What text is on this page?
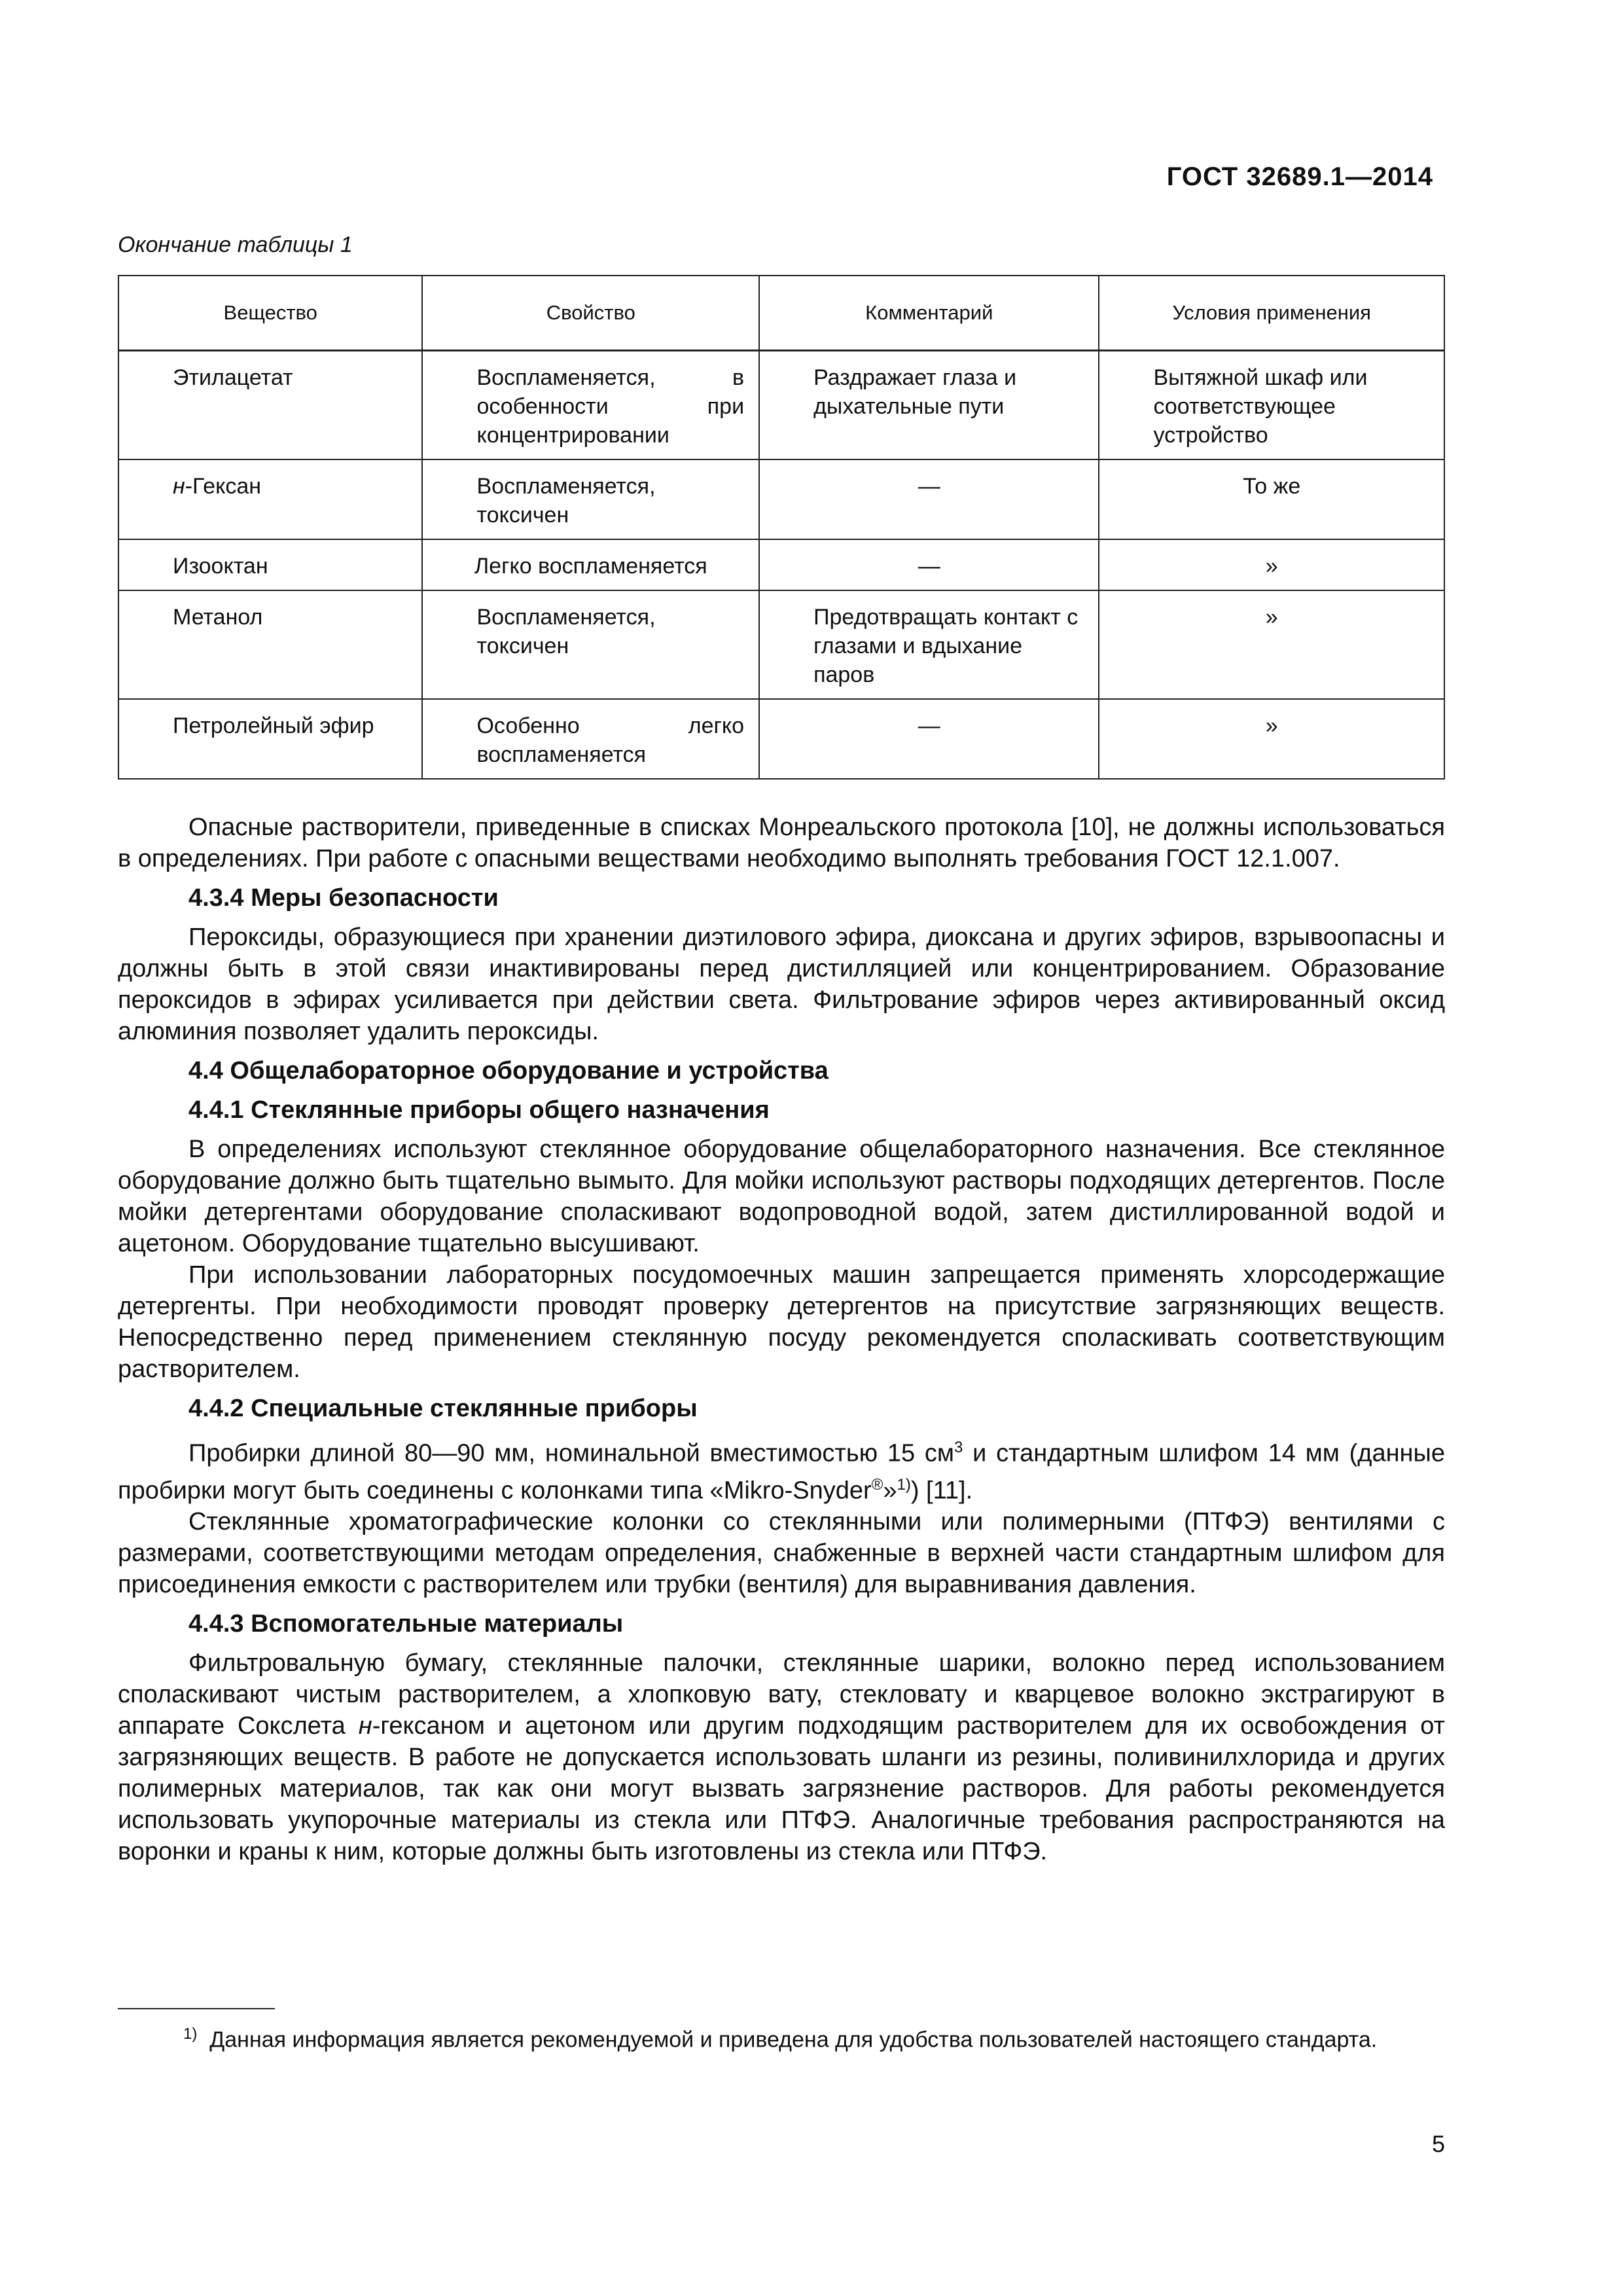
ГОСТ 32689.1—2014
Окончание таблицы 1
Вещество	Свойство	Комментарий	Условия применения
Этилацетат	Воспламеняется, в особенности при концентрировании	Раздражает глаза и дыхательные пути	Вытяжной шкаф или соответствующее устройство

н-Гексан	Воспламеняется, токсичен	—	То же
Изооктан	Легко воспламеняется	—	»
Метанол	Воспламеняется, токсичен	Предотвращать контакт с глазами и вдыхание паров	»
Петролейный эфир	Особенно легко воспламеняется	—	»

Опасные растворители, приведенные в списках Монреальского протокола [10], не должны использоваться в определениях. При работе с опасными веществами необходимо выполнять требования ГОСТ 12.1.007.

4.3.4 Меры безопасности

Пероксиды, образующиеся при хранении диэтилового эфира, диоксана и других эфиров, взрывоопасны и должны быть в этой связи инактивированы перед дистилляцией или концентрированием. Образование пероксидов в эфирах усиливается при действии света. Фильтрование эфиров через активированный оксид алюминия позволяет удалить пероксиды.

4.4 Общелабораторное оборудование и устройства
4.4.1 Стеклянные приборы общего назначения

В определениях используют стеклянное оборудование общелабораторного назначения. Все стеклянное оборудование должно быть тщательно вымыто. Для мойки используют растворы подходящих детергентов. После мойки детергентами оборудование споласкивают водопроводной водой, затем дистиллированной водой и ацетоном. Оборудование тщательно высушивают.

При использовании лабораторных посудомоечных машин запрещается применять хлорсодержащие детергенты. При необходимости проводят проверку детергентов на присутствие загрязняющих веществ. Непосредственно перед применением стеклянную посуду рекомендуется споласкивать соответствующим растворителем.

4.4.2 Специальные стеклянные приборы

Пробирки длиной 80—90 мм, номинальной вместимостью 15 $см^3$ и стандартным шлифом 14 мм (данные пробирки могут быть соединены с колонками типа «Mikro-Snyder®»$^{1)}$) [11].

Стеклянные хроматографические колонки со стеклянными или полимерными (ПТФЭ) вентилями с размерами, соответствующими методам определения, снабженные в верхней части стандартным шлифом для присоединения емкости с растворителем или трубки (вентиля) для выравнивания давления.

4.4.3 Вспомогательные материалы

Фильтровальную бумагу, стеклянные палочки, стеклянные шарики, волокно перед использованием споласкивают чистым растворителем, а хлопковую вату, стекловату и кварцевое волокно экстрагируют в аппарате Сокслета н-гексаном и ацетоном или другим подходящим растворителем для их освобождения от загрязняющих веществ. В работе не допускается использовать шланги из резины, поливинилхлорида и других полимерных материалов, так как они могут вызвать загрязнение растворов. Для работы рекомендуется использовать укупорочные материалы из стекла или ПТФЭ. Аналогичные требования распространяются на воронки и краны к ним, которые должны быть изготовлены из стекла или ПТФЭ.

$^{1)}$ Данная информация является рекомендуемой и приведена для удобства пользователей настоящего стандарта.
5
